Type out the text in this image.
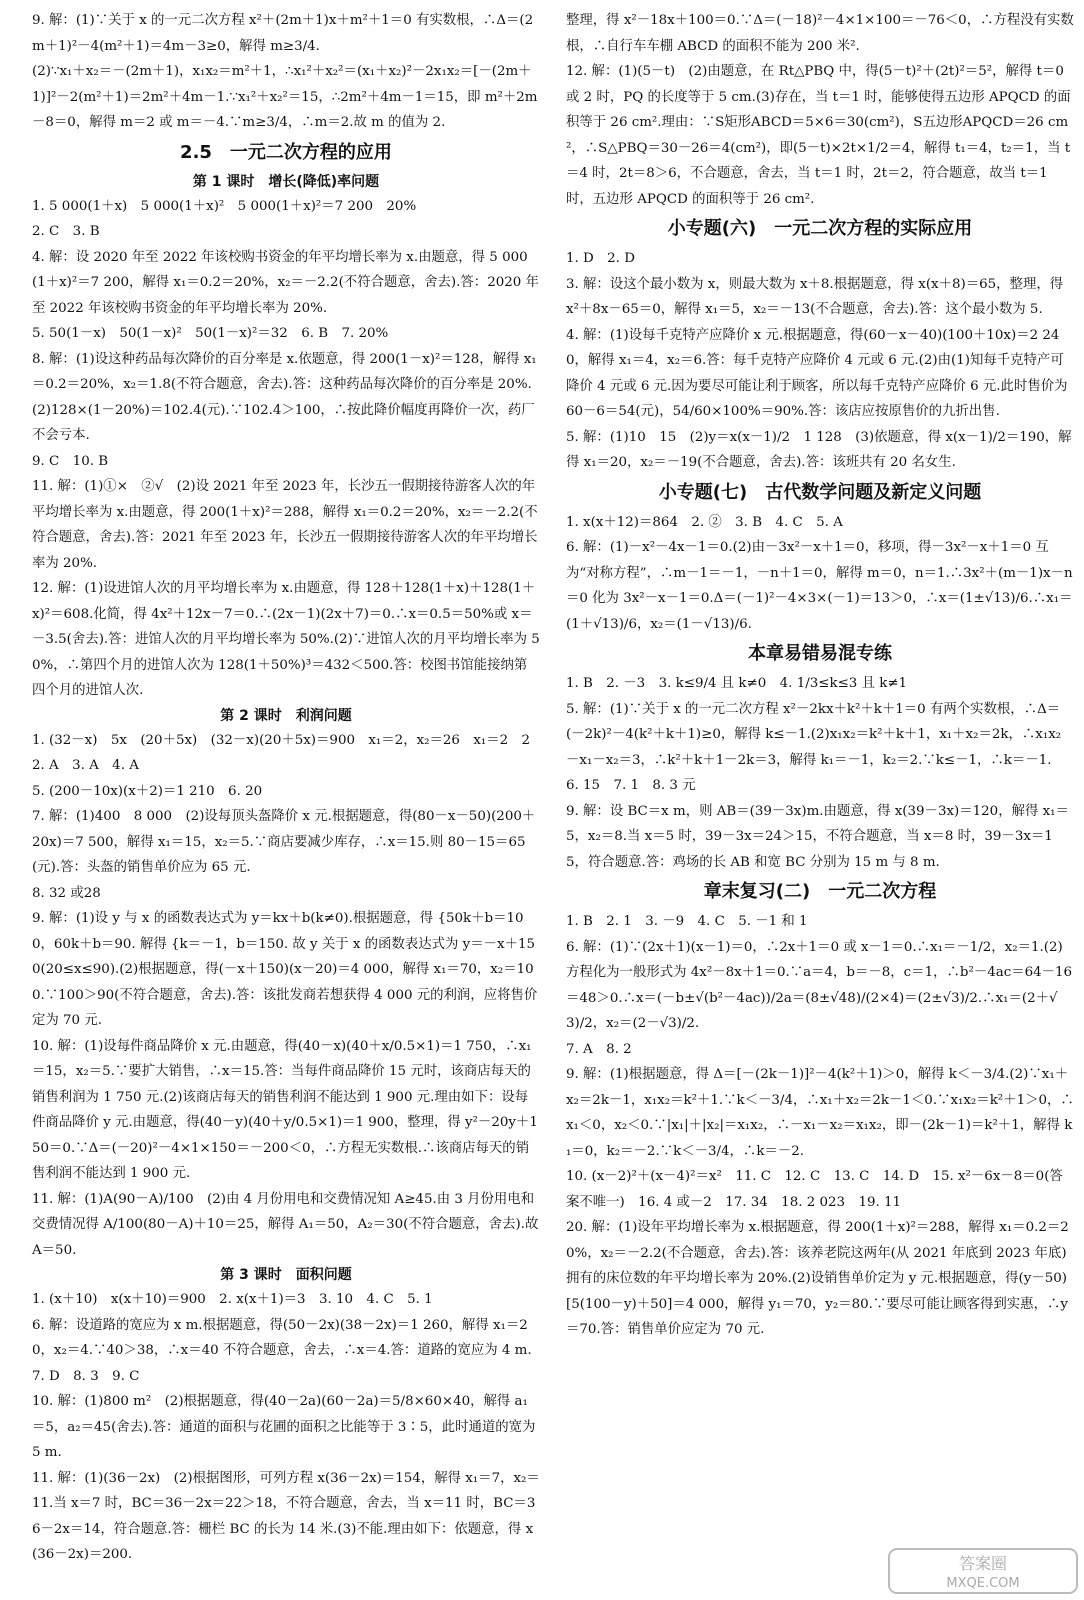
9. 解：(1)∵关于 x 的一元二次方程 x²＋(2m＋1)x＋m²＋1＝0 有实数根，∴Δ＝(2m＋1)²－4(m²＋1)＝4m－3≥0，解得 m≥3/4.
(2)∵x₁＋x₂＝－(2m＋1)，x₁x₂＝m²＋1，∴x₁²＋x₂²＝(x₁＋x₂)²－2x₁x₂＝[－(2m＋1)]²－2(m²＋1)＝2m²＋4m－1.∵x₁²＋x₂²＝15，∴2m²＋4m－1＝15，即 m²＋2m－8＝0，解得 m＝2 或 m＝－4.∵m≥3/4，∴m＝2.故 m 的值为 2.
2.5　一元二次方程的应用
第 1 课时　增长(降低)率问题
1. 5 000(1＋x)　5 000(1＋x)²　5 000(1＋x)²＝7 200　20%
2. C　3. B
4. 解：设 2020 年至 2022 年该校购书资金的年平均增长率为 x.由题意，得 5 000(1＋x)²＝7 200，解得 x₁＝0.2＝20%，x₂＝－2.2(不符合题意，舍去).答：2020 年至 2022 年该校购书资金的年平均增长率为 20%.
5. 50(1－x)　50(1－x)²　50(1－x)²＝32　6. B　7. 20%
8. 解：(1)设这种药品每次降价的百分率是 x.依题意，得 200(1－x)²＝128，解得 x₁＝0.2＝20%，x₂＝1.8(不符合题意，舍去).答：这种药品每次降价的百分率是 20%.(2)128×(1－20%)＝102.4(元).∵102.4＞100，∴按此降价幅度再降价一次，药厂不会亏本.
9. C　10. B
11. 解：(1)①×　②√　(2)设 2021 年至 2023 年，长沙五一假期接待游客人次的年平均增长率为 x.由题意，得 200(1＋x)²＝288，解得 x₁＝0.2＝20%，x₂＝－2.2(不符合题意，舍去).答：2021 年至 2023 年，长沙五一假期接待游客人次的年平均增长率为 20%.
12. 解：(1)设进馆人次的月平均增长率为 x.由题意，得 128＋128(1＋x)＋128(1＋x)²＝608.化简，得 4x²＋12x－7＝0.∴(2x－1)(2x＋7)＝0.∴x＝0.5＝50%或 x＝－3.5(舍去).答：进馆人次的月平均增长率为 50%.(2)∵进馆人次的月平均增长率为 50%，∴第四个月的进馆人次为 128(1＋50%)³＝432＜500.答：校图书馆能接纳第四个月的进馆人次.
第 2 课时　利润问题
1. (32－x)　5x　(20＋5x)　(32－x)(20＋5x)＝900　x₁＝2，x₂＝26　x₁＝2　2　2. A　3. A　4. A
5. (200－10x)(x＋2)＝1 210　6. 20
7. 解：(1)400　8 000　(2)设每顶头盔降价 x 元.根据题意，得(80－x－50)(200＋20x)＝7 500，解得 x₁＝15，x₂＝5.∵商店要减少库存，∴x＝15.则 80－15＝65(元).答：头盔的销售单价应为 65 元.
8. 32 或28
9. 解：(1)设 y 与 x 的函数表达式为 y＝kx＋b(k≠0).根据题意，得 {50k＋b＝100，60k＋b＝90. 解得 {k＝－1，b＝150. 故 y 关于 x 的函数表达式为 y＝－x＋150(20≤x≤90).(2)根据题意，得(－x＋150)(x－20)＝4 000，解得 x₁＝70，x₂＝100.∵100＞90(不符合题意，舍去).答：该批发商若想获得 4 000 元的利润，应将售价定为 70 元.
10. 解：(1)设每件商品降价 x 元.由题意，得(40－x)(40＋x/0.5×1)＝1 750，∴x₁＝15，x₂＝5.∵要扩大销售，∴x＝15.答：当每件商品降价 15 元时，该商店每天的销售利润为 1 750 元.(2)该商店每天的销售利润不能达到 1 900 元.理由如下：设每件商品降价 y 元.由题意，得(40－y)(40＋y/0.5×1)＝1 900，整理，得 y²－20y＋150＝0.∵Δ＝(－20)²－4×1×150＝－200＜0，∴方程无实数根.∴该商店每天的销售利润不能达到 1 900 元.
11. 解：(1)A(90－A)/100　(2)由 4 月份用电和交费情况知 A≥45.由 3 月份用电和交费情况得 A/100(80－A)＋10＝25，解得 A₁＝50，A₂＝30(不符合题意，舍去).故 A＝50.
第 3 课时　面积问题
1. (x＋10)　x(x＋10)＝900　2. x(x＋1)＝3　3. 10　4. C　5. 1
6. 解：设道路的宽应为 x m.根据题意，得(50－2x)(38－2x)＝1 260，解得 x₁＝20，x₂＝4.∵40＞38，∴x＝40 不符合题意，舍去，∴x＝4.答：道路的宽应为 4 m.
7. D　8. 3　9. C
10. 解：(1)800 m²　(2)根据题意，得(40－2a)(60－2a)＝5/8×60×40，解得 a₁＝5，a₂＝45(舍去).答：通道的面积与花圃的面积之比能等于 3∶5，此时通道的宽为 5 m.
11. 解：(1)(36－2x)　(2)根据图形，可列方程 x(36－2x)＝154，解得 x₁＝7，x₂＝11.当 x＝7 时，BC＝36－2x＝22＞18，不符合题意，舍去，当 x＝11 时，BC＝36－2x＝14，符合题意.答：栅栏 BC 的长为 14 米.(3)不能.理由如下：依题意，得 x(36－2x)＝200.
整理，得 x²－18x＋100＝0.∵Δ＝(－18)²－4×1×100＝－76＜0，∴方程没有实数根，∴自行车车棚 ABCD 的面积不能为 200 米².
12. 解：(1)(5－t)　(2)由题意，在 Rt△PBQ 中，得(5－t)²＋(2t)²＝5²，解得 t＝0 或 2 时，PQ 的长度等于 5 cm.(3)存在，当 t＝1 时，能够使得五边形 APQCD 的面积等于 26 cm².理由：∵S矩形ABCD＝5×6＝30(cm²)，S五边形APQCD＝26 cm²，∴S△PBQ＝30－26＝4(cm²)，即(5－t)×2t×1/2＝4，解得 t₁＝4，t₂＝1，当 t＝4 时，2t＝8＞6，不合题意，舍去，当 t＝1 时，2t＝2，符合题意，故当 t＝1 时，五边形 APQCD 的面积等于 26 cm².
小专题(六)　一元二次方程的实际应用
1. D　2. D
3. 解：设这个最小数为 x，则最大数为 x＋8.根据题意，得 x(x＋8)＝65，整理，得 x²＋8x－65＝0，解得 x₁＝5，x₂＝－13(不合题意，舍去).答：这个最小数为 5.
4. 解：(1)设每千克特产应降价 x 元.根据题意，得(60－x－40)(100＋10x)＝2 240，解得 x₁＝4，x₂＝6.答：每千克特产应降价 4 元或 6 元.(2)由(1)知每千克特产可降价 4 元或 6 元.因为要尽可能让利于顾客，所以每千克特产应降价 6 元.此时售价为 60－6＝54(元)，54/60×100%＝90%.答：该店应按原售价的九折出售.
5. 解：(1)10　15　(2)y＝x(x－1)/2　1 128　(3)依题意，得 x(x－1)/2＝190，解得 x₁＝20，x₂＝－19(不合题意，舍去).答：该班共有 20 名女生.
小专题(七)　古代数学问题及新定义问题
1. x(x＋12)＝864　2. ②　3. B　4. C　5. A
6. 解：(1)－x²－4x－1＝0.(2)由－3x²－x＋1＝0，移项，得－3x²－x＋1＝0 互为“对称方程”，∴m－1＝－1，－n＋1＝0，解得 m＝0，n＝1.∴3x²＋(m－1)x－n＝0 化为 3x²－x－1＝0.Δ＝(－1)²－4×3×(－1)＝13＞0，∴x＝(1±√13)/6.∴x₁＝(1＋√13)/6，x₂＝(1－√13)/6.
本章易错易混专练
1. B　2. －3　3. k≤9/4 且 k≠0　4. 1/3≤k≤3 且 k≠1
5. 解：(1)∵关于 x 的一元二次方程 x²－2kx＋k²＋k＋1＝0 有两个实数根，∴Δ＝(－2k)²－4(k²＋k＋1)≥0，解得 k≤－1.(2)x₁x₂＝k²＋k＋1，x₁＋x₂＝2k，∴x₁x₂－x₁－x₂＝3，∴k²＋k＋1－2k＝3，解得 k₁＝－1，k₂＝2.∵k≤－1，∴k＝－1.
6. 15　7. 1　8. 3 元
9. 解：设 BC＝x m，则 AB＝(39－3x)m.由题意，得 x(39－3x)＝120，解得 x₁＝5，x₂＝8.当 x＝5 时，39－3x＝24＞15，不符合题意，当 x＝8 时，39－3x＝15，符合题意.答：鸡场的长 AB 和宽 BC 分别为 15 m 与 8 m.
章末复习(二)　一元二次方程
1. B　2. 1　3. －9　4. C　5. －1 和 1
6. 解：(1)∵(2x＋1)(x－1)＝0，∴2x＋1＝0 或 x－1＝0.∴x₁＝－1/2，x₂＝1.(2)方程化为一般形式为 4x²－8x＋1＝0.∵a＝4，b＝－8，c＝1，∴b²－4ac＝64－16＝48＞0.∴x＝(－b±√(b²－4ac))/2a＝(8±√48)/(2×4)＝(2±√3)/2.∴x₁＝(2＋√3)/2，x₂＝(2－√3)/2.
7. A　8. 2
9. 解：(1)根据题意，得 Δ＝[－(2k－1)]²－4(k²＋1)＞0，解得 k＜－3/4.(2)∵x₁＋x₂＝2k－1，x₁x₂＝k²＋1.∵k＜－3/4，∴x₁＋x₂＝2k－1＜0.∵x₁x₂＝k²＋1＞0，∴x₁＜0，x₂＜0.∵|x₁|＋|x₂|＝x₁x₂，∴－x₁－x₂＝x₁x₂，即－(2k－1)＝k²＋1，解得 k₁＝0，k₂＝－2.∵k＜－3/4，∴k＝－2.
10. (x－2)²＋(x－4)²＝x²　11. C　12. C　13. C　14. D　15. x²－6x－8＝0(答案不唯一)　16. 4 或－2　17. 34　18. 2 023　19. 11
20. 解：(1)设年平均增长率为 x.根据题意，得 200(1＋x)²＝288，解得 x₁＝0.2＝20%，x₂＝－2.2(不合题意，舍去).答：该养老院这两年(从 2021 年底到 2023 年底)拥有的床位数的年平均增长率为 20%.(2)设销售单价定为 y 元.根据题意，得(y－50)[5(100－y)＋50]＝4 000，解得 y₁＝70，y₂＝80.∵要尽可能让顾客得到实惠，∴y＝70.答：销售单价应定为 70 元.
答案圈
MXQE.COM
